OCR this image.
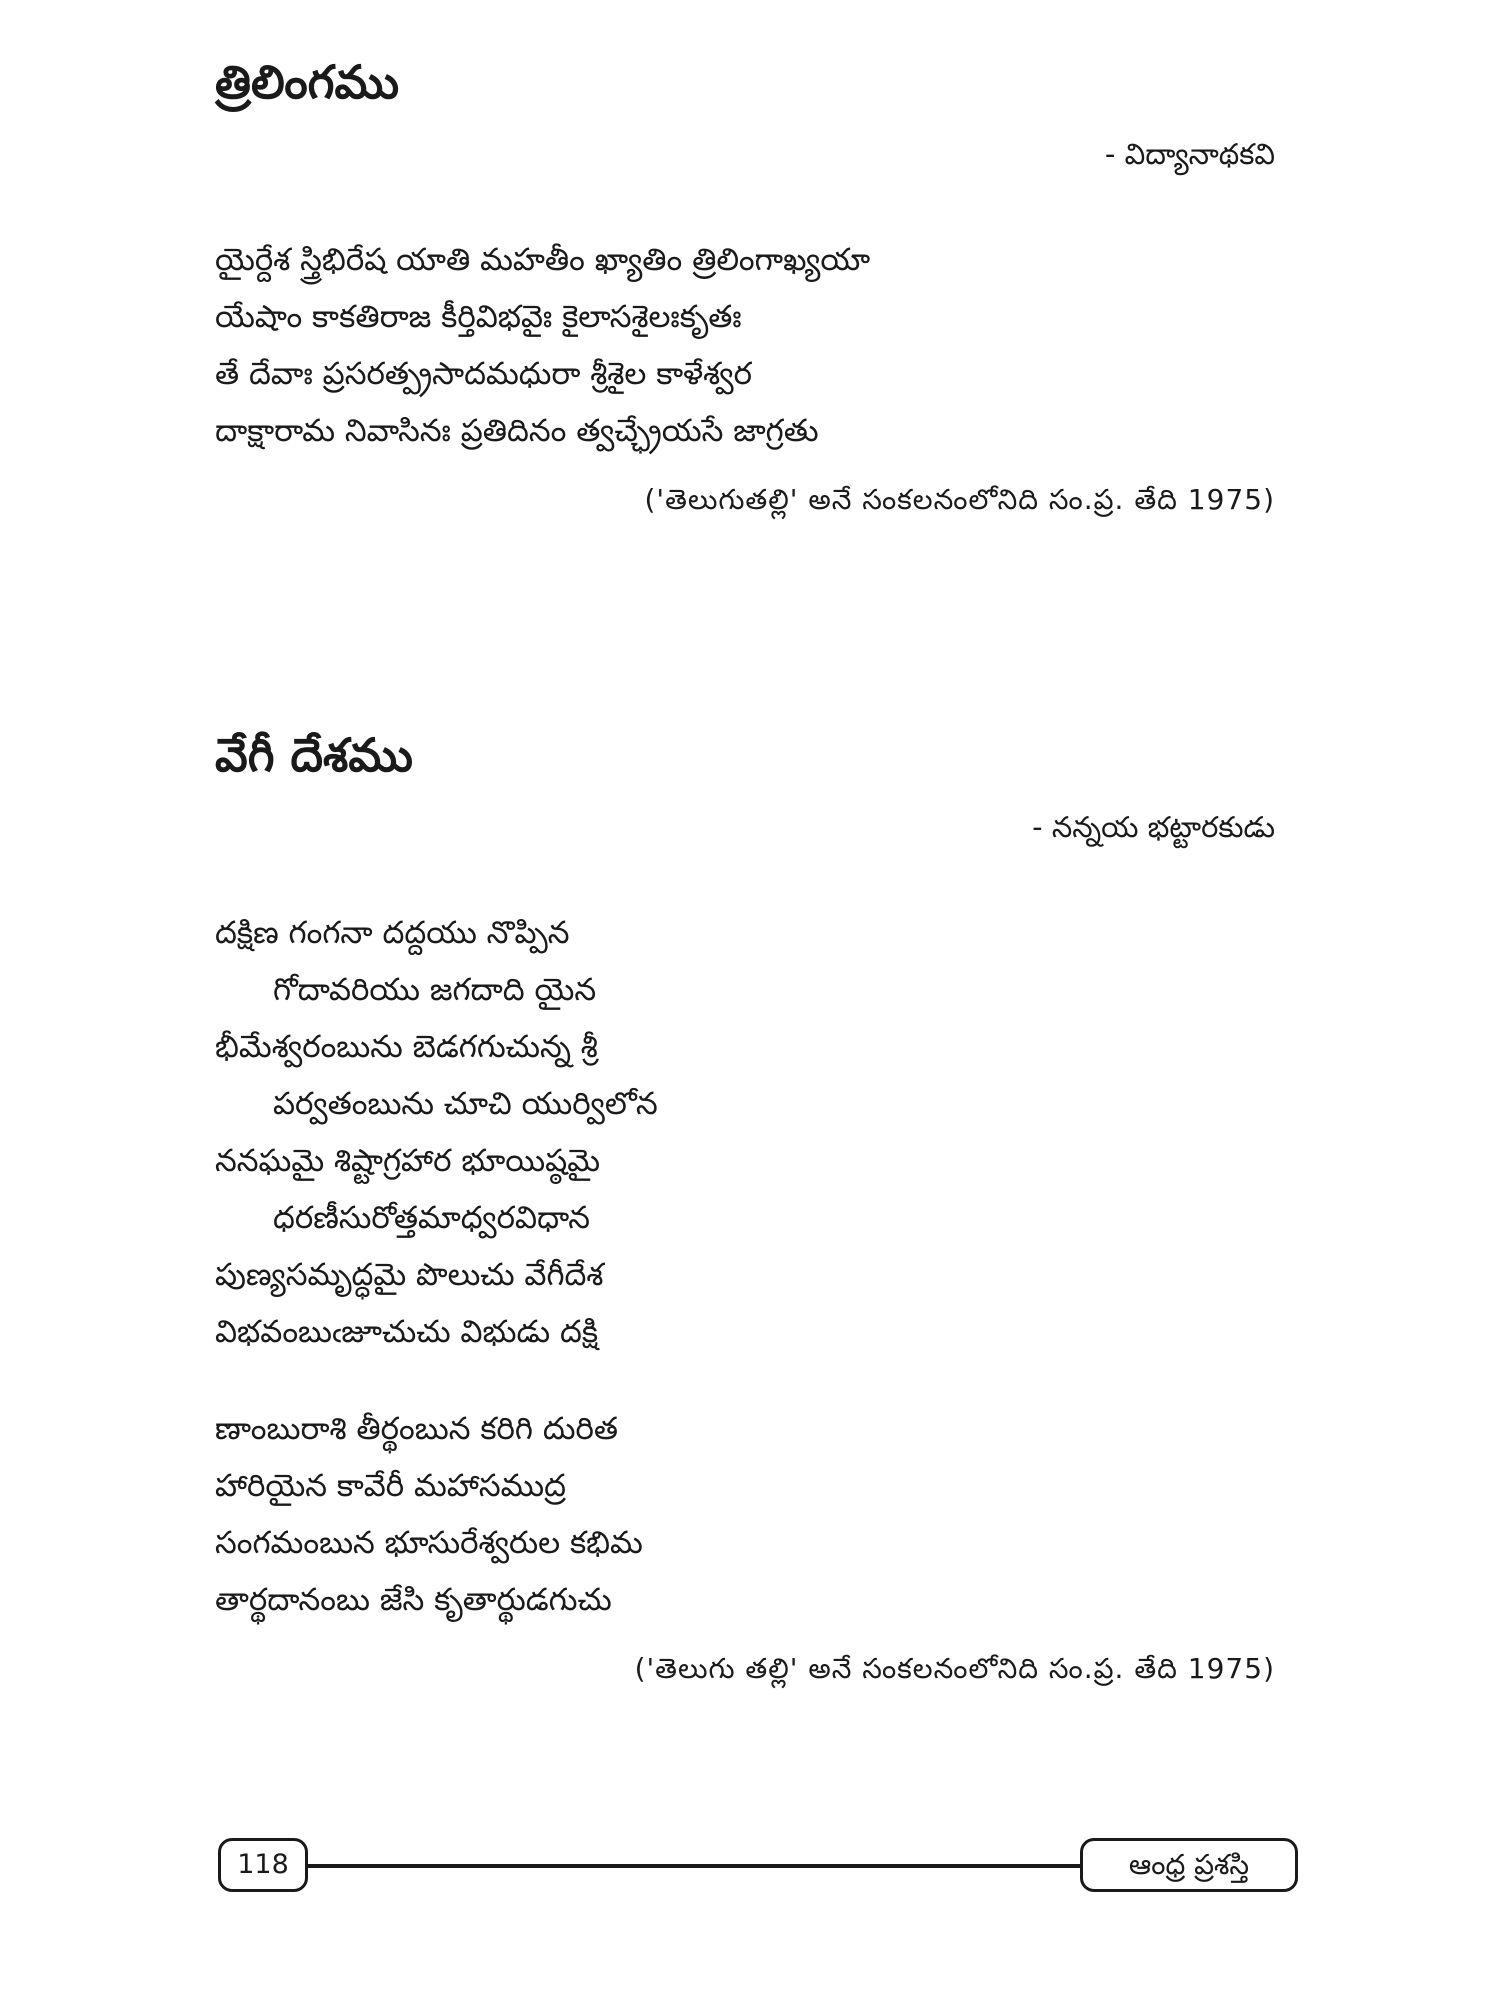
త్రిలింగము
- విద్యానాథకవి
యైర్దేశ స్త్రిభిరేష యాతి మహతీం ఖ్యాతిం త్రిలింగాఖ్యయా
యేషాం కాకతిరాజ కీర్తివిభవైః కైలాసశైలఃకృతః
తే దేవాః ప్రసరత్ప్రసాదమధురా శ్రీశైల కాళేశ్వర
దాక్షారామ నివాసినః ప్రతిదినం త్వచ్ఛ్రేయసే జాగ్రతు
('తెలుగుతల్లి' అనే సంకలనంలోనిది సం.ప్ర. తేది 1975)
వేగీ దేశము
- నన్నయ భట్టారకుడు
దక్షిణ గంగనా దద్దయు నొప్పిన
గోదావరియు జగదాది యైన
భీమేశ్వరంబును బెడగగుచున్న శ్రీ
పర్వతంబును చూచి యుర్విలోన
ననఘమై శిష్టాగ్రహార భూయిష్ఠమై
ధరణీసురోత్తమాధ్వరవిధాన
పుణ్యసమృద్ధమై పొలుచు వేగీదేశ
విభవంబుఁజూచుచు విభుడు దక్షి
ణాంబురాశి తీర్థంబున కరిగి దురిత
హారియైన కావేరీ మహాసముద్ర
సంగమంబున భూసురేశ్వరుల కభిమ
తార్థదానంబు జేసి కృతార్థుడగుచు
('తెలుగు తల్లి' అనే సంకలనంలోనిది సం.ప్ర. తేది 1975)
118	ఆంధ్ర ప్రశస్తి
